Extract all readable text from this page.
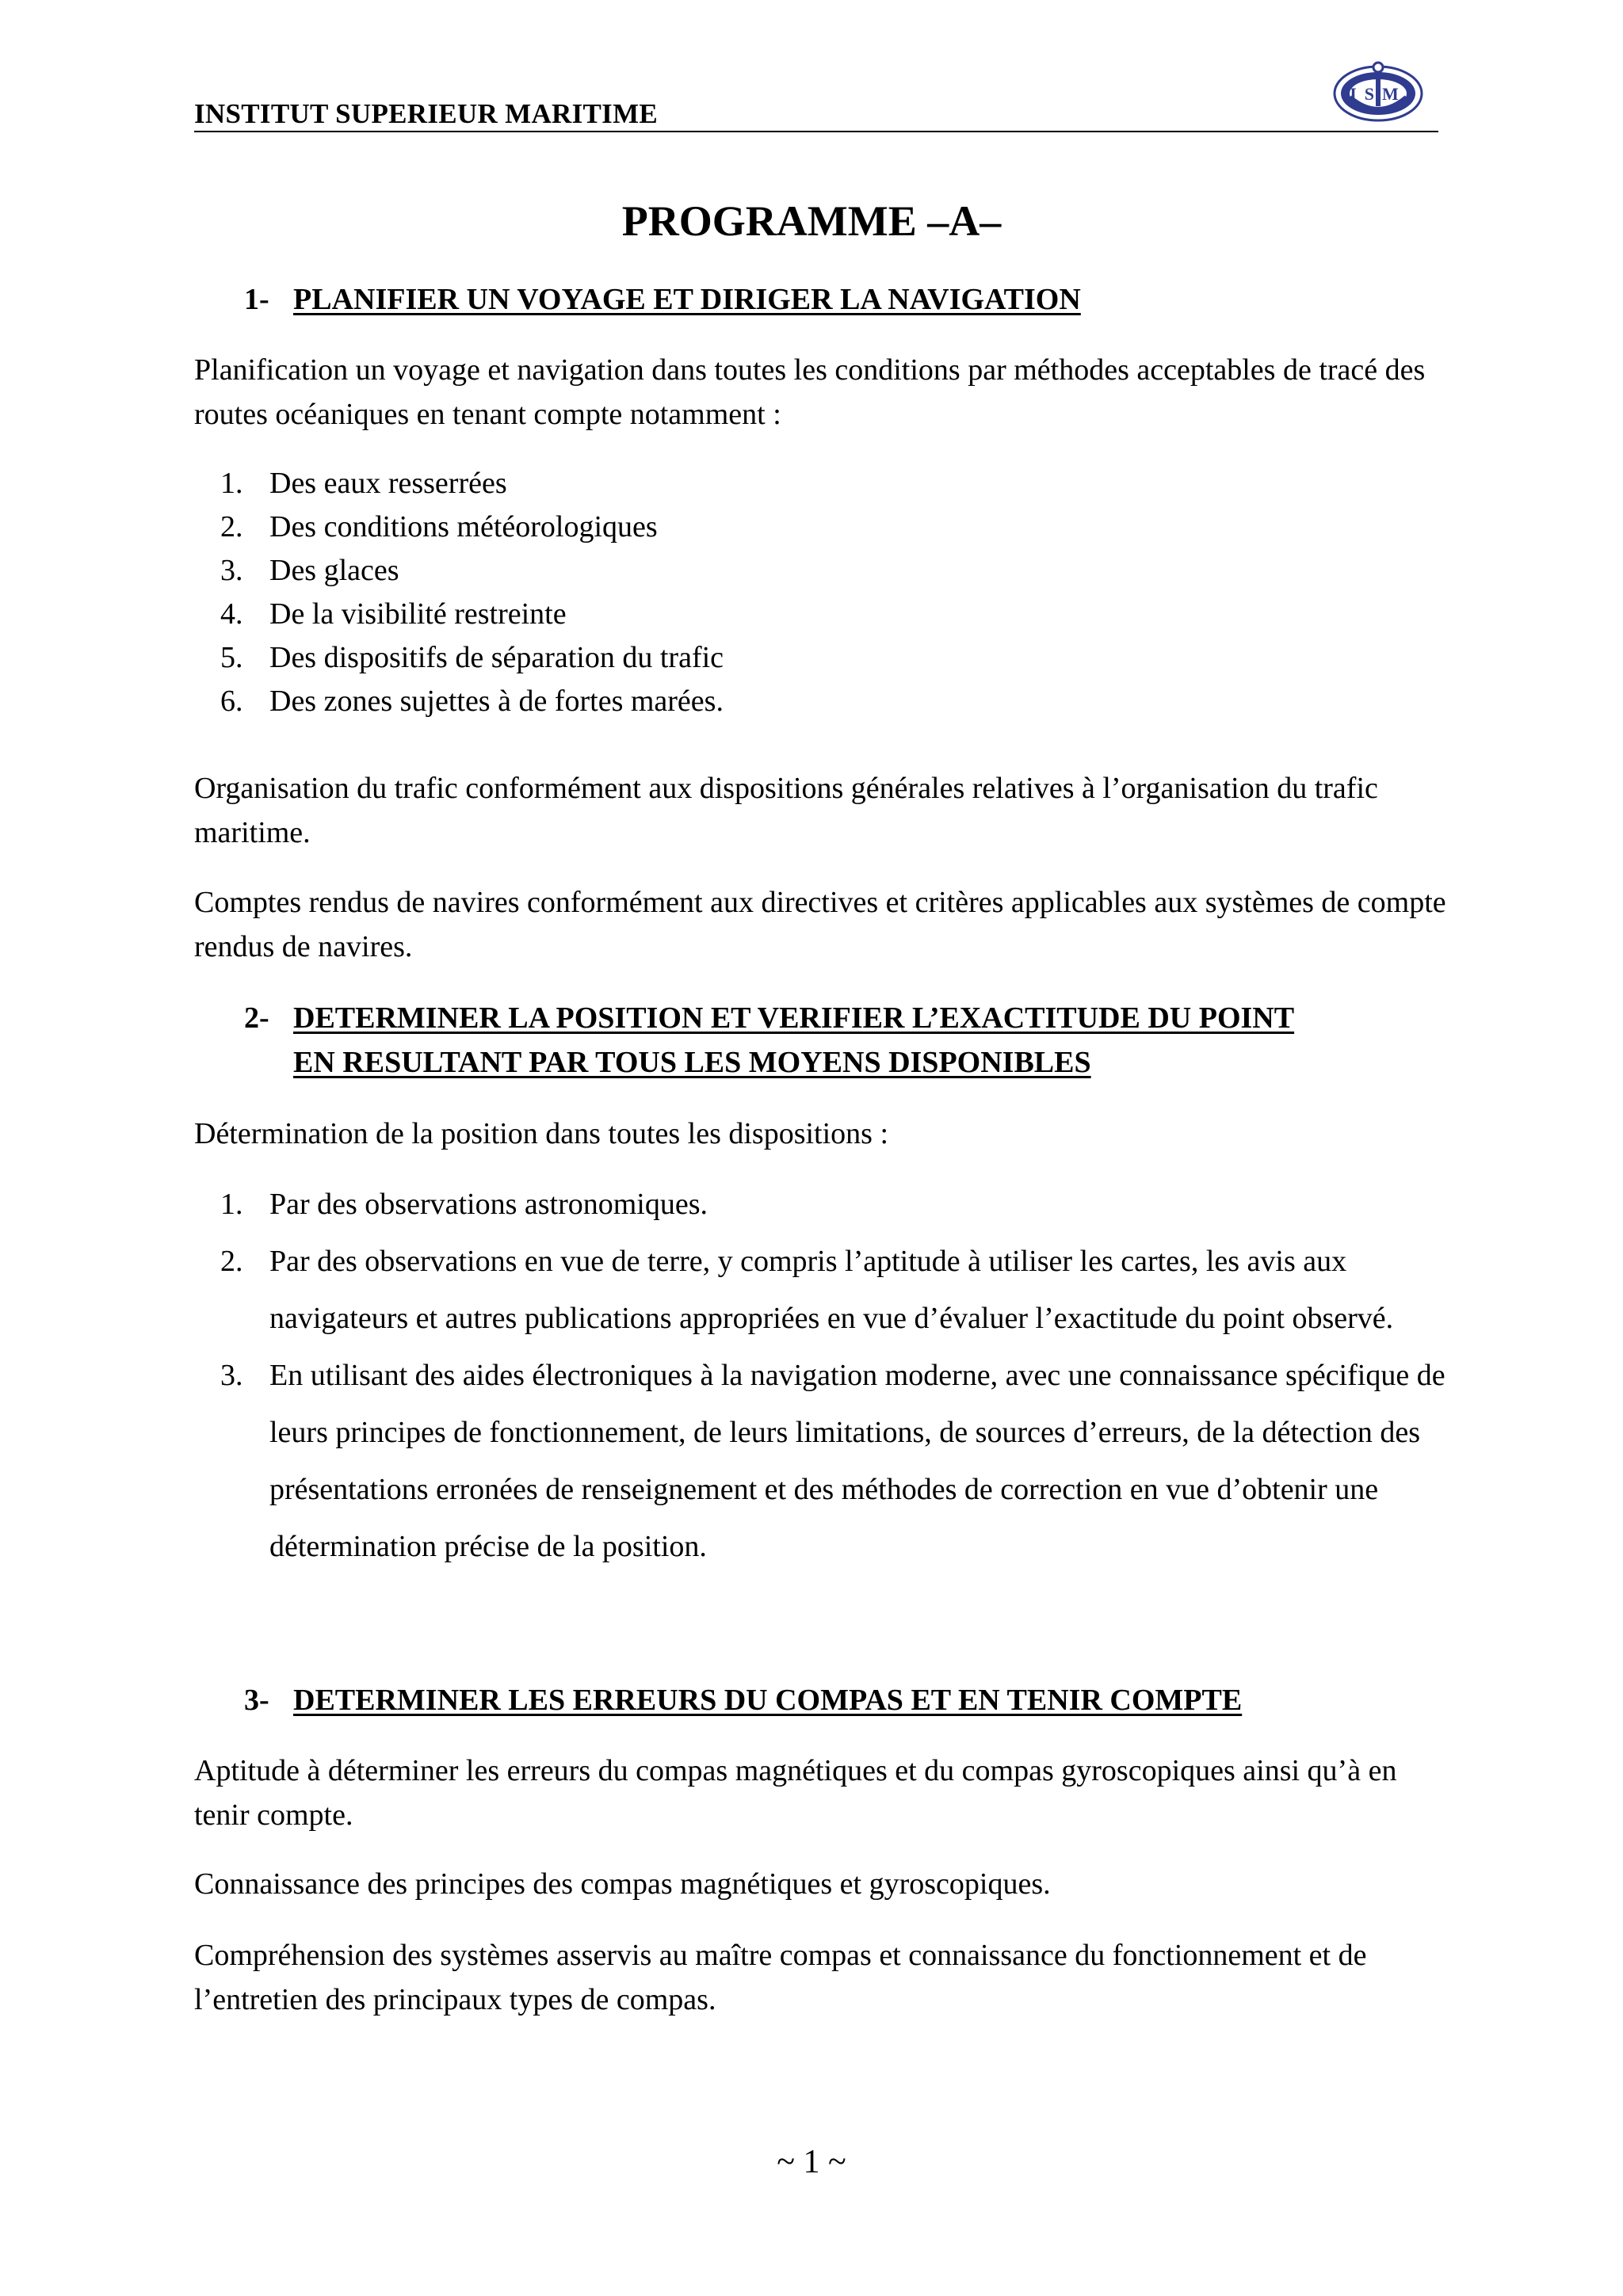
INSTITUT SUPERIEUR MARITIME
ISM
PROGRAMME –A–
1- PLANIFIER UN VOYAGE ET DIRIGER LA NAVIGATION
Planification un voyage et navigation dans toutes les conditions par méthodes acceptables de tracé des routes océaniques en tenant compte notamment :
1. Des eaux resserrées
2. Des conditions météorologiques
3. Des glaces
4. De la visibilité restreinte
5. Des dispositifs de séparation du trafic
6. Des zones sujettes à de fortes marées.
Organisation du trafic conformément aux dispositions générales relatives à l’organisation du trafic maritime.
Comptes rendus de navires conformément aux directives et critères applicables aux systèmes de compte rendus de navires.
2- DETERMINER LA POSITION ET VERIFIER L’EXACTITUDE DU POINT
EN RESULTANT PAR TOUS LES MOYENS DISPONIBLES
Détermination de la position dans toutes les dispositions :
1. Par des observations astronomiques.
2. Par des observations en vue de terre, y compris l’aptitude à utiliser les cartes, les avis aux navigateurs et autres publications appropriées en vue d’évaluer l’exactitude du point observé.
3. En utilisant des aides électroniques à la navigation moderne, avec une connaissance spécifique de leurs principes de fonctionnement, de leurs limitations, de sources d’erreurs, de la détection des présentations erronées de renseignement et des méthodes de correction en vue d’obtenir une détermination précise de la position.
3- DETERMINER LES ERREURS DU COMPAS ET EN TENIR COMPTE
Aptitude à déterminer les erreurs du compas magnétiques et du compas gyroscopiques ainsi qu’à en tenir compte.
Connaissance des principes des compas magnétiques et gyroscopiques.
Compréhension des systèmes asservis au maître compas et connaissance du fonctionnement et de l’entretien des principaux types de compas.
~ 1 ~
